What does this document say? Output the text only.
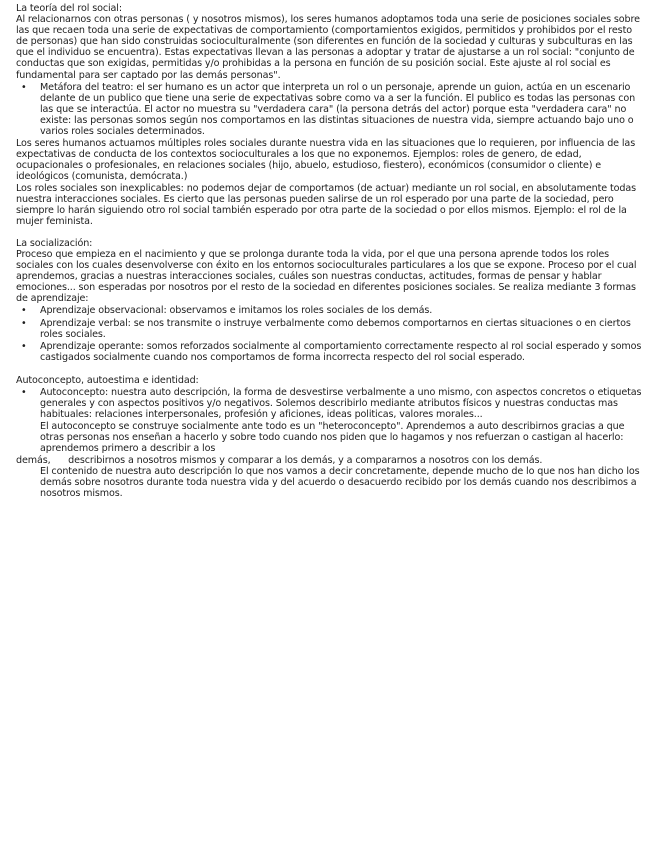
La teoría del rol social:

Al relacionarnos con otras personas ( y nosotros mismos), los seres humanos adoptamos toda una serie de posiciones sociales sobre las que recaen toda una serie de expectativas de comportamiento (comportamientos exigidos, permitidos y prohibidos por el resto de personas) que han sido construidas socioculturalmente (son diferentes en función de la sociedad y culturas y subculturas en las que el individuo se encuentra). Estas expectativas llevan a las personas a adoptar y tratar de ajustarse a un rol social: "conjunto de conductas que son exigidas, permitidas y/o prohibidas a la persona en función de su posición social. Este ajuste al rol social es fundamental para ser captado por las demás personas".

• Metáfora del teatro: el ser humano es un actor que interpreta un rol o un personaje, aprende un guion, actúa en un escenario delante de un publico que tiene una serie de expectativas sobre como va a ser la función. El publico es todas las personas con las que se interactúa. El actor no muestra su "verdadera cara" (la persona detrás del actor) porque esta "verdadera cara" no existe: las personas somos según nos comportamos en las distintas situaciones de nuestra vida, siempre actuando bajo uno o varios roles sociales determinados.

Los seres humanos actuamos múltiples roles sociales durante nuestra vida en las situaciones que lo requieren, por influencia de las expectativas de conducta de los contextos socioculturales a los que no exponemos. Ejemplos: roles de genero, de edad, ocupacionales o profesionales, en relaciones sociales (hijo, abuelo, estudioso, fiestero), económicos (consumidor o cliente) e ideológicos (comunista, demócrata.)

Los roles sociales son inexplicables: no podemos dejar de comportamos (de actuar) mediante un rol social, en absolutamente todas nuestra interacciones sociales. Es cierto que las personas pueden salirse de un rol esperado por una parte de la sociedad, pero siempre lo harán siguiendo otro rol social también esperado por otra parte de la sociedad o por ellos mismos. Ejemplo: el rol de la mujer feminista.

La socialización:

Proceso que empieza en el nacimiento y que se prolonga durante toda la vida, por el que una persona aprende todos los roles sociales con los cuales desenvolverse con éxito en los entornos socioculturales particulares a los que se expone. Proceso por el cual aprendemos, gracias a nuestras interacciones sociales, cuáles son nuestras conductas, actitudes, formas de pensar y hablar emociones... son esperadas por nosotros por el resto de la sociedad en diferentes posiciones sociales. Se realiza mediante 3 formas de aprendizaje:

• Aprendizaje observacional: observamos e imitamos los roles sociales de los demás.
• Aprendizaje verbal: se nos transmite o instruye verbalmente como debemos comportarnos en ciertas situaciones o en ciertos roles sociales.
• Aprendizaje operante: somos reforzados socialmente al comportamiento correctamente respecto al rol social esperado y somos castigados socialmente cuando nos comportamos de forma incorrecta respecto del rol social esperado.

Autoconcepto, autoestima e identidad:

• Autoconcepto: nuestra auto descripción, la forma de desvestirse verbalmente a uno mismo, con aspectos concretos o etiquetas generales y con aspectos positivos y/o negativos. Solemos describirlo mediante atributos físicos y nuestras conductas mas habituales: relaciones interpersonales, profesión y aficiones, ideas politicas, valores morales...

El autoconcepto se construye socialmente ante todo es un "heteroconcepto". Aprendemos a auto describirnos gracias a que otras personas nos enseñan a hacerlo y sobre todo cuando nos piden que lo hagamos y nos refuerzan o castigan al hacerlo: aprendemos primero a describir a los

demás,      describirnos a nosotros mismos y comparar a los demás, y a compararnos a nosotros con los demás.

El contenido de nuestra auto descripción lo que nos vamos a decir concretamente, depende mucho de lo que nos han dicho los demás sobre nosotros durante toda nuestra vida y del acuerdo o desacuerdo recibido por los demás cuando nos describimos a nosotros mismos.
